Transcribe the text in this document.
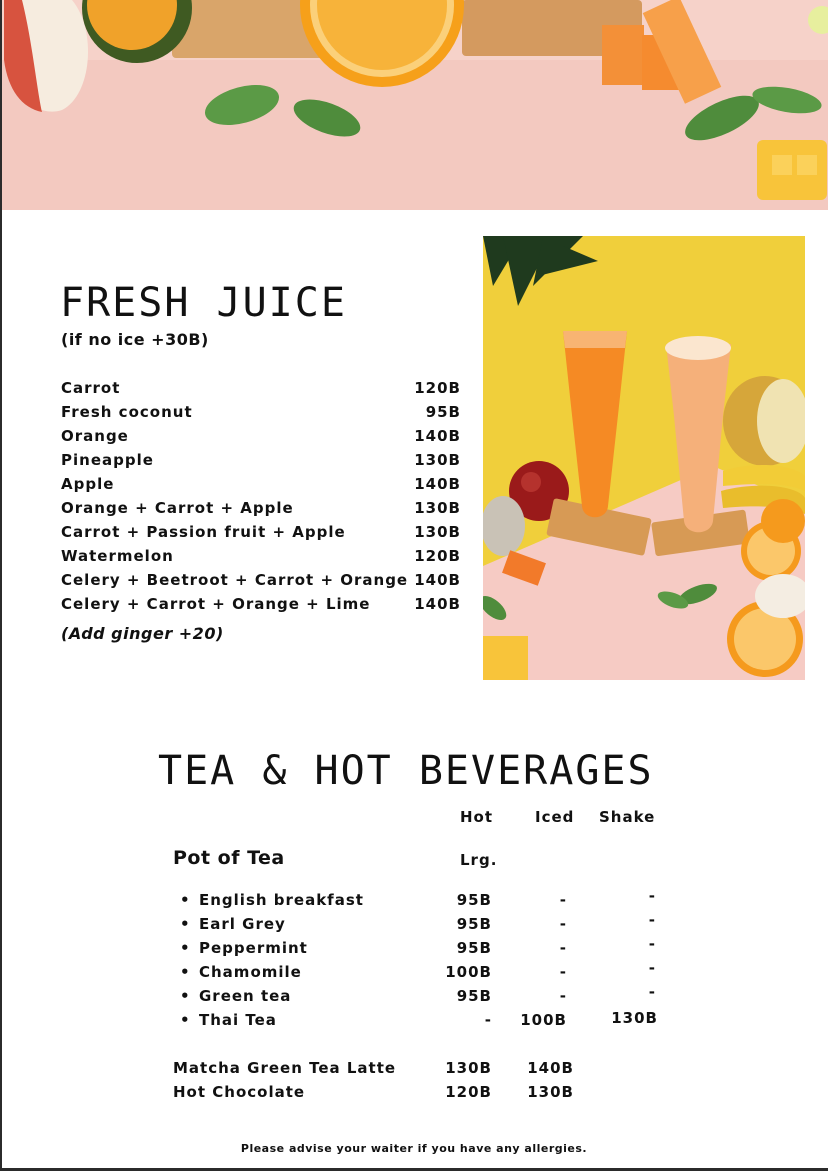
FRESH JUICE
(if no ice +30B)
Carrot	120B
Fresh coconut	95B
Orange	140B
Pineapple	130B
Apple	140B
Orange + Carrot + Apple	130B
Carrot + Passion fruit + Apple	130B
Watermelon	120B
Celery + Beetroot + Carrot + Orange 140B
Celery + Carrot + Orange + Lime	140B
(Add ginger +20)
TEA & HOT BEVERAGES
Hot	Iced Shake
Pot of Tea	Lrg.
• English breakfast	95B	-	-
• Earl Grey	95B	-	-
• Peppermint	95B	-	-
• Chamomile	100B	-	-
• Green tea	95B	-	-
• Thai Tea	- 100B	130B
Matcha Green Tea Latte	130B 140B
Hot Chocolate	120B 130B
Please advise your waiter if you have any allergies.
